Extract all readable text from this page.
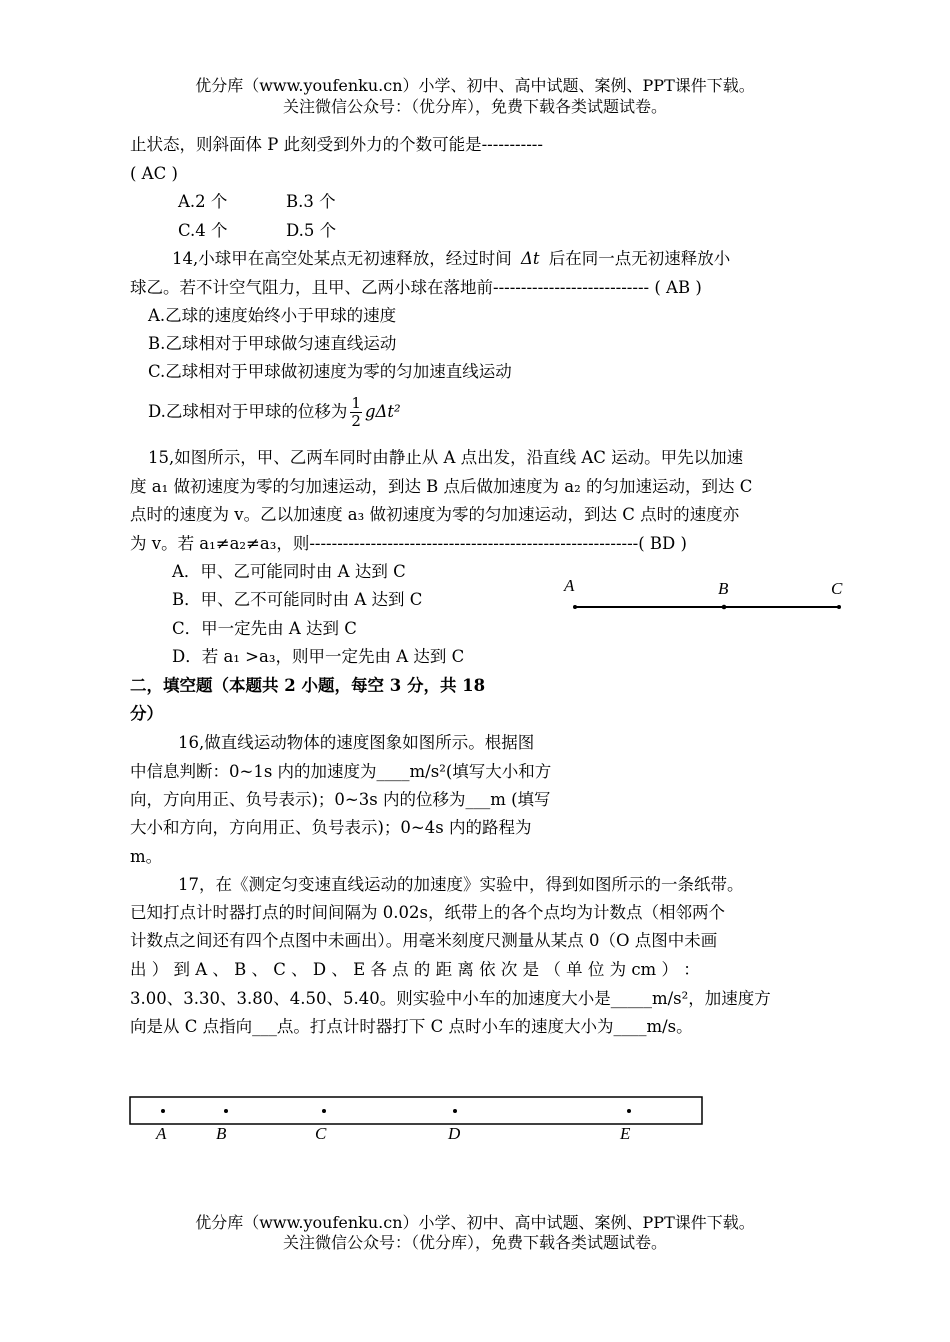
优分库（www.youfenku.cn）小学、初中、高中试题、案例、PPT课件下载。
关注微信公众号：（优分库），免费下载各类试题试卷。
止状态，则斜面体 P 此刻受到外力的个数可能是-----------
( AC )
A.2 个	B.3 个
C.4 个	D.5 个
14,小球甲在高空处某点无初速释放，经过时间 Δt 后在同一点无初速释放小
球乙。若不计空气阻力，且甲、乙两小球在落地前---------------------------- ( AB )
A.乙球的速度始终小于甲球的速度
B.乙球相对于甲球做匀速直线运动
C.乙球相对于甲球做初速度为零的匀加速直线运动
D.乙球相对于甲球的位移为 $\frac{1}{2} g\Delta t^2$
15,如图所示，甲、乙两车同时由静止从 A 点出发，沿直线 AC 运动。甲先以加速
度 a₁ 做初速度为零的匀加速运动，到达 B 点后做加速度为 a₂ 的匀加速运动，到达 C
点时的速度为 v。乙以加速度 a₃ 做初速度为零的匀加速运动，到达 C 点时的速度亦
为 v。若 a₁≠a₂≠a₃，则-----------------------------------------------------------( BD )
A．甲、乙可能同时由 A 达到 C
B．甲、乙不可能同时由 A 达到 C
C．甲一定先由 A 达到 C
D．若 a₁ >a₃，则甲一定先由 A 达到 C
A	B	C
二，填空题（本题共 2 小题，每空 3 分，共 18
分）
16,做直线运动物体的速度图象如图所示。根据图
中信息判断：0~1s 内的加速度为____m/s²(填写大小和方
向，方向用正、负号表示)；0~3s 内的位移为___m (填写
大小和方向，方向用正、负号表示)；0~4s 内的路程为
m。
17，在《测定匀变速直线运动的加速度》实验中，得到如图所示的一条纸带。
已知打点计时器打点的时间间隔为 0.02s，纸带上的各个点均为计数点（相邻两个
计数点之间还有四个点图中未画出）。用毫米刻度尺测量从某点 0（O 点图中未画
出 ） 到 A 、 B 、 C 、 D 、 E 各 点 的 距 离 依 次 是 （ 单 位 为 cm ） ：
3.00、3.30、3.80、4.50、5.40。则实验中小车的加速度大小是_____m/s²，加速度方
向是从 C 点指向___点。打点计时器打下 C 点时小车的速度大小为____m/s。
A	B	C	D	E
优分库（www.youfenku.cn）小学、初中、高中试题、案例、PPT课件下载。
关注微信公众号：（优分库），免费下载各类试题试卷。
